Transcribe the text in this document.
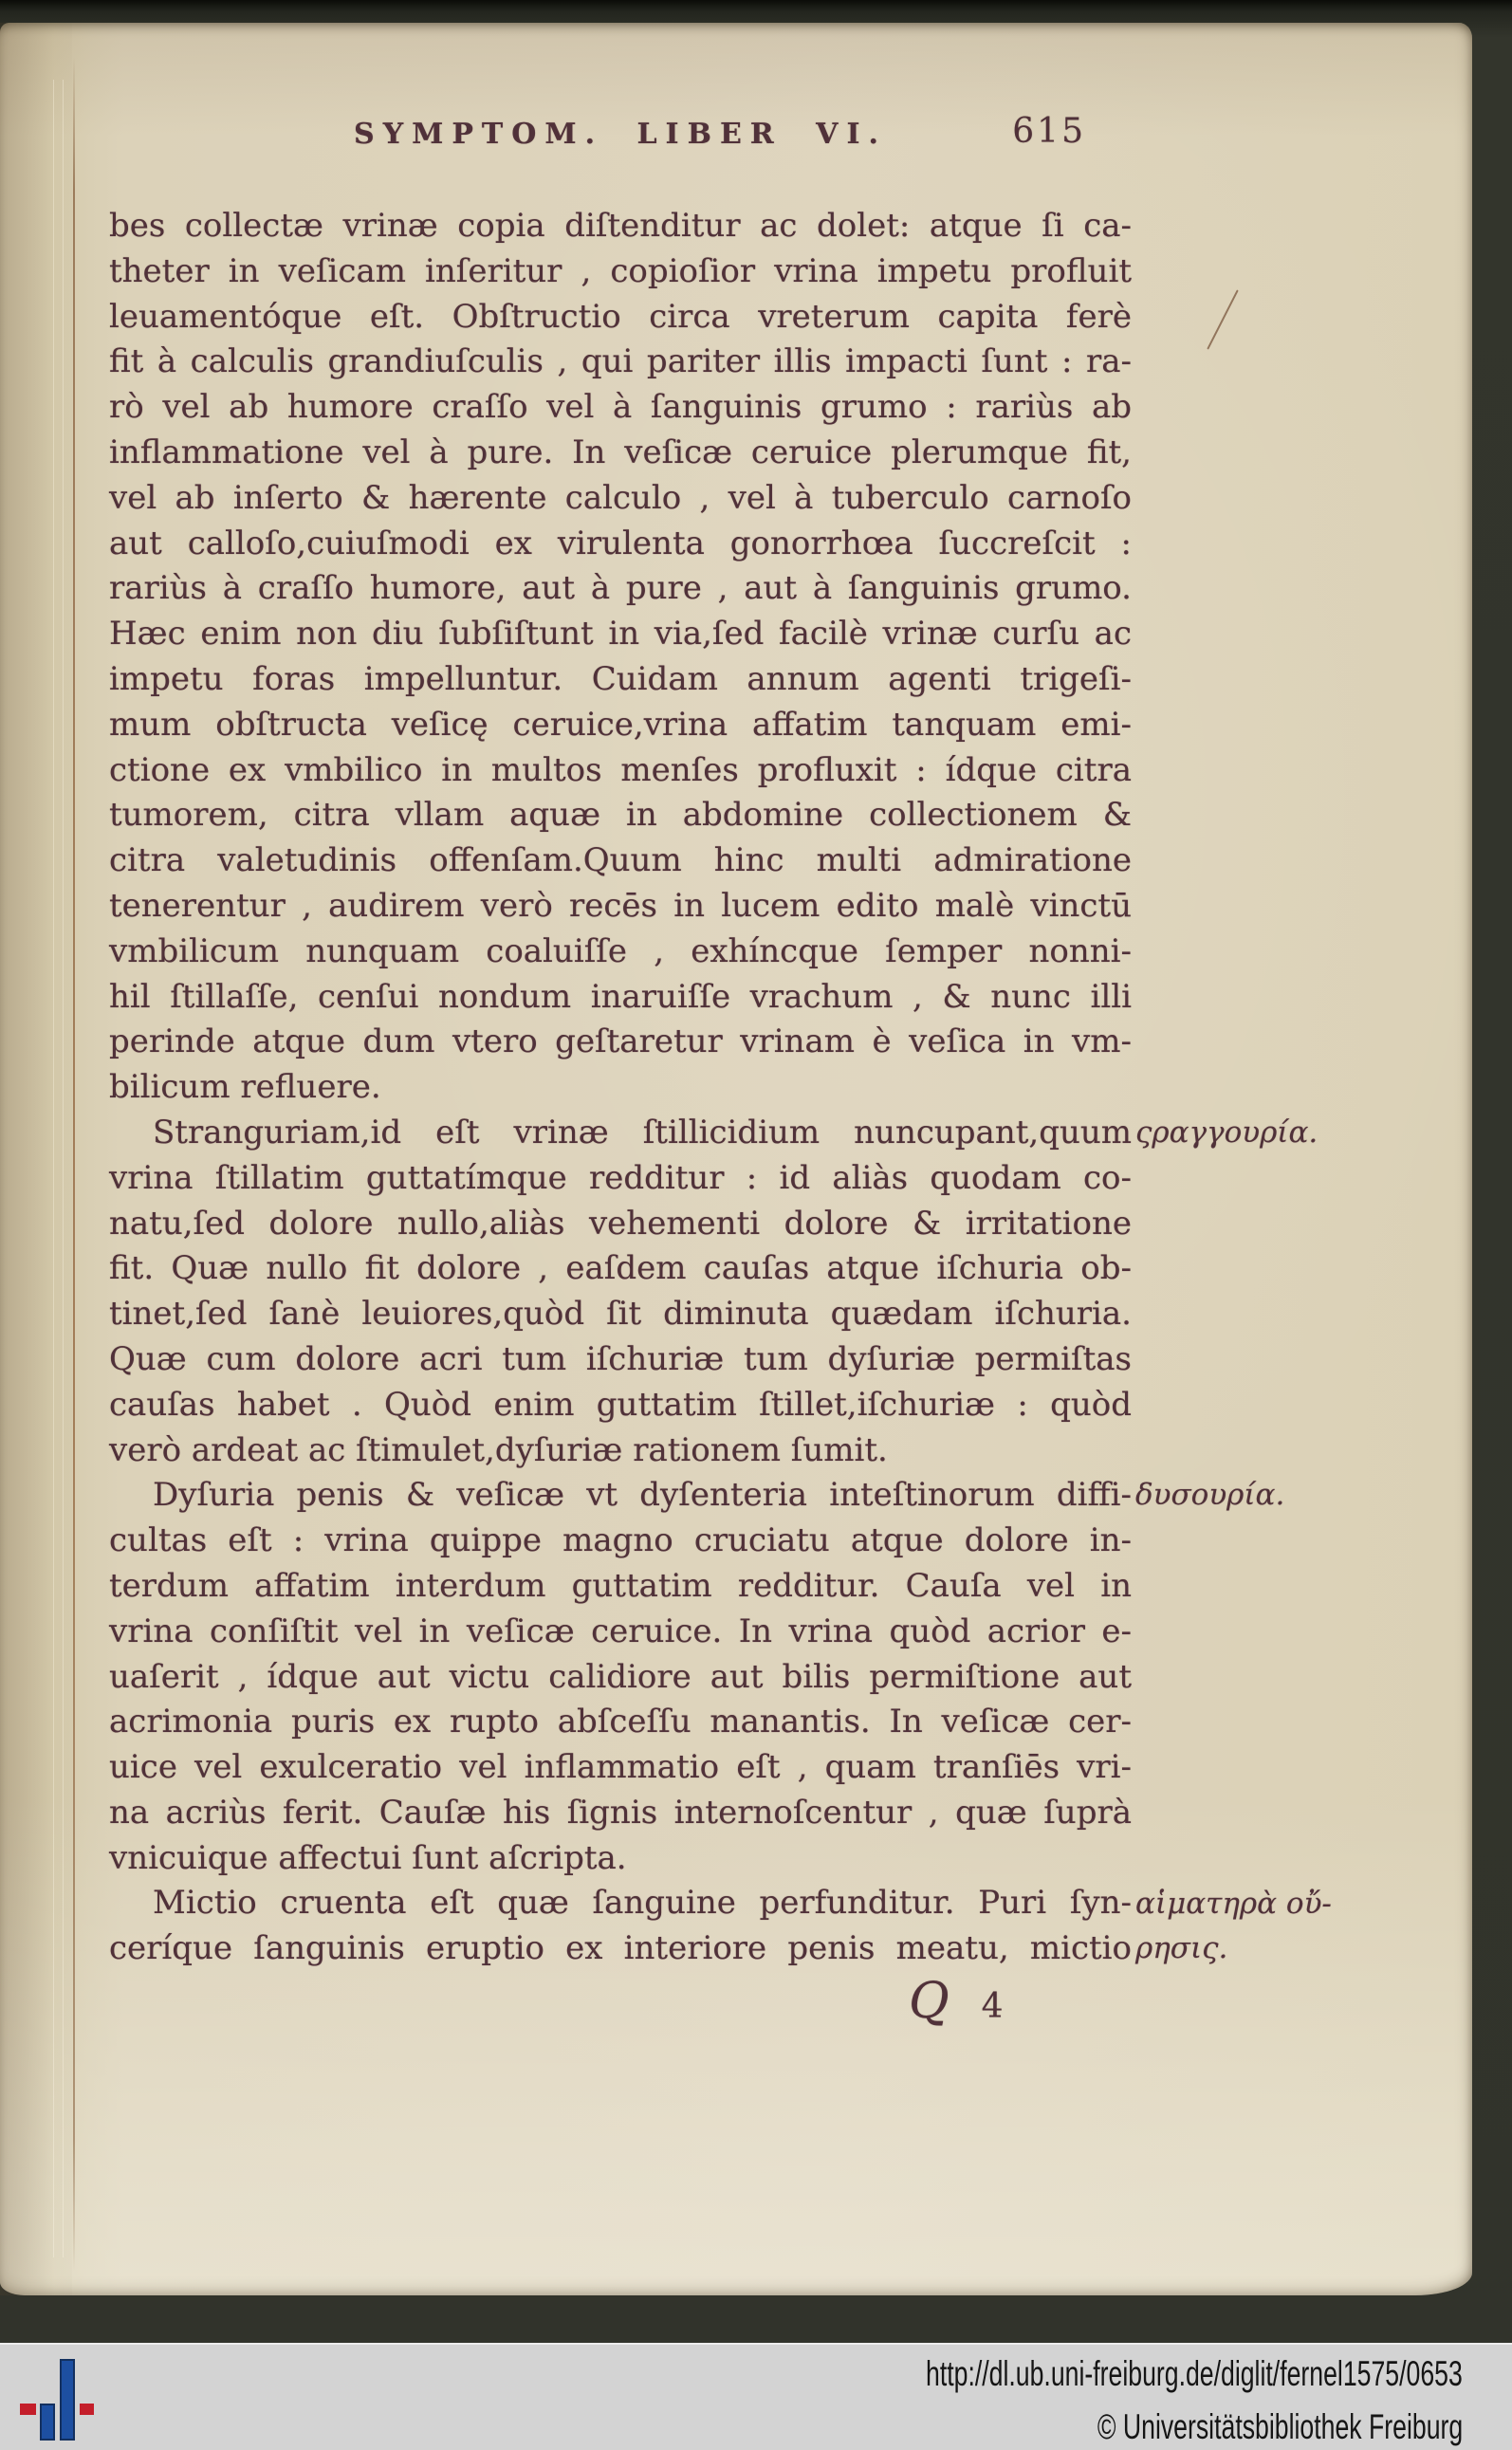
SYMPTOM. LIBER VI.	615
bes collectæ vrinæ copia diſtenditur ac dolet: atque ſi ca-
theter in veſicam inſeritur , copioſior vrina impetu profluit
leuamentóque eſt. Obſtructio circa vreterum capita ferè
fit à calculis grandiuſculis , qui pariter illis impacti ſunt : ra-
rò vel ab humore craſſo vel à ſanguinis grumo : rariùs ab
inflammatione vel à pure. In veſicæ ceruice plerumque fit,
vel ab inſerto & hærente calculo , vel à tuberculo carnoſo
aut calloſo,cuiuſmodi ex virulenta gonorrhœa ſuccreſcit :
rariùs à craſſo humore, aut à pure , aut à ſanguinis grumo.
Hæc enim non diu ſubſiſtunt in via,ſed facilè vrinæ curſu ac
impetu foras impelluntur. Cuidam annum agenti trigeſi-
mum obſtructa veſicę ceruice,vrina affatim tanquam emi-
ctione ex vmbilico in multos menſes profluxit : ídque citra
tumorem, citra vllam aquæ in abdomine collectionem &
citra valetudinis offenſam.Quum hinc multi admiratione
tenerentur , audirem verò recēs in lucem edito malè vinctū
vmbilicum nunquam coaluiſſe , exhíncque ſemper nonni-
hil ſtillaſſe, cenſui nondum inaruiſſe vrachum , & nunc illi
perinde atque dum vtero geſtaretur vrinam è veſica in vm-
bilicum refluere.
Stranguriam,id eſt vrinæ ſtillicidium nuncupant,quum
vrina ſtillatim guttatímque redditur : id aliàs quodam co-
natu,ſed dolore nullo,aliàs vehementi dolore & irritatione
fit. Quæ nullo fit dolore , eaſdem cauſas atque iſchuria ob-
tinet,ſed ſanè leuiores,quòd ſit diminuta quædam iſchuria.
Quæ cum dolore acri tum iſchuriæ tum dyſuriæ permiſtas
cauſas habet . Quòd enim guttatim ſtillet,iſchuriæ : quòd
verò ardeat ac ſtimulet,dyſuriæ rationem ſumit.
Dyſuria penis & veſicæ vt dyſenteria inteſtinorum diffi-
cultas eſt : vrina quippe magno cruciatu atque dolore in-
terdum affatim interdum guttatim redditur. Cauſa vel in
vrina conſiſtit vel in veſicæ ceruice. In vrina quòd acrior e-
uaſerit , ídque aut victu calidiore aut bilis permiſtione aut
acrimonia puris ex rupto abſceſſu manantis. In veſicæ cer-
uice vel exulceratio vel inflammatio eſt , quam tranſiēs vri-
na acriùs ferit. Cauſæ his ſignis internoſcentur , quæ ſuprà
vnicuique affectui ſunt aſcripta.
Mictio cruenta eſt quæ ſanguine perfunditur. Puri ſyn-
ceríque ſanguinis eruptio ex interiore penis meatu, mictio
ςραγγουρία.
δυσουρία.
αἱματηρὰ οὔ-
ρησις.
Q 4
http://dl.ub.uni-freiburg.de/diglit/fernel1575/0653
© Universitätsbibliothek Freiburg
